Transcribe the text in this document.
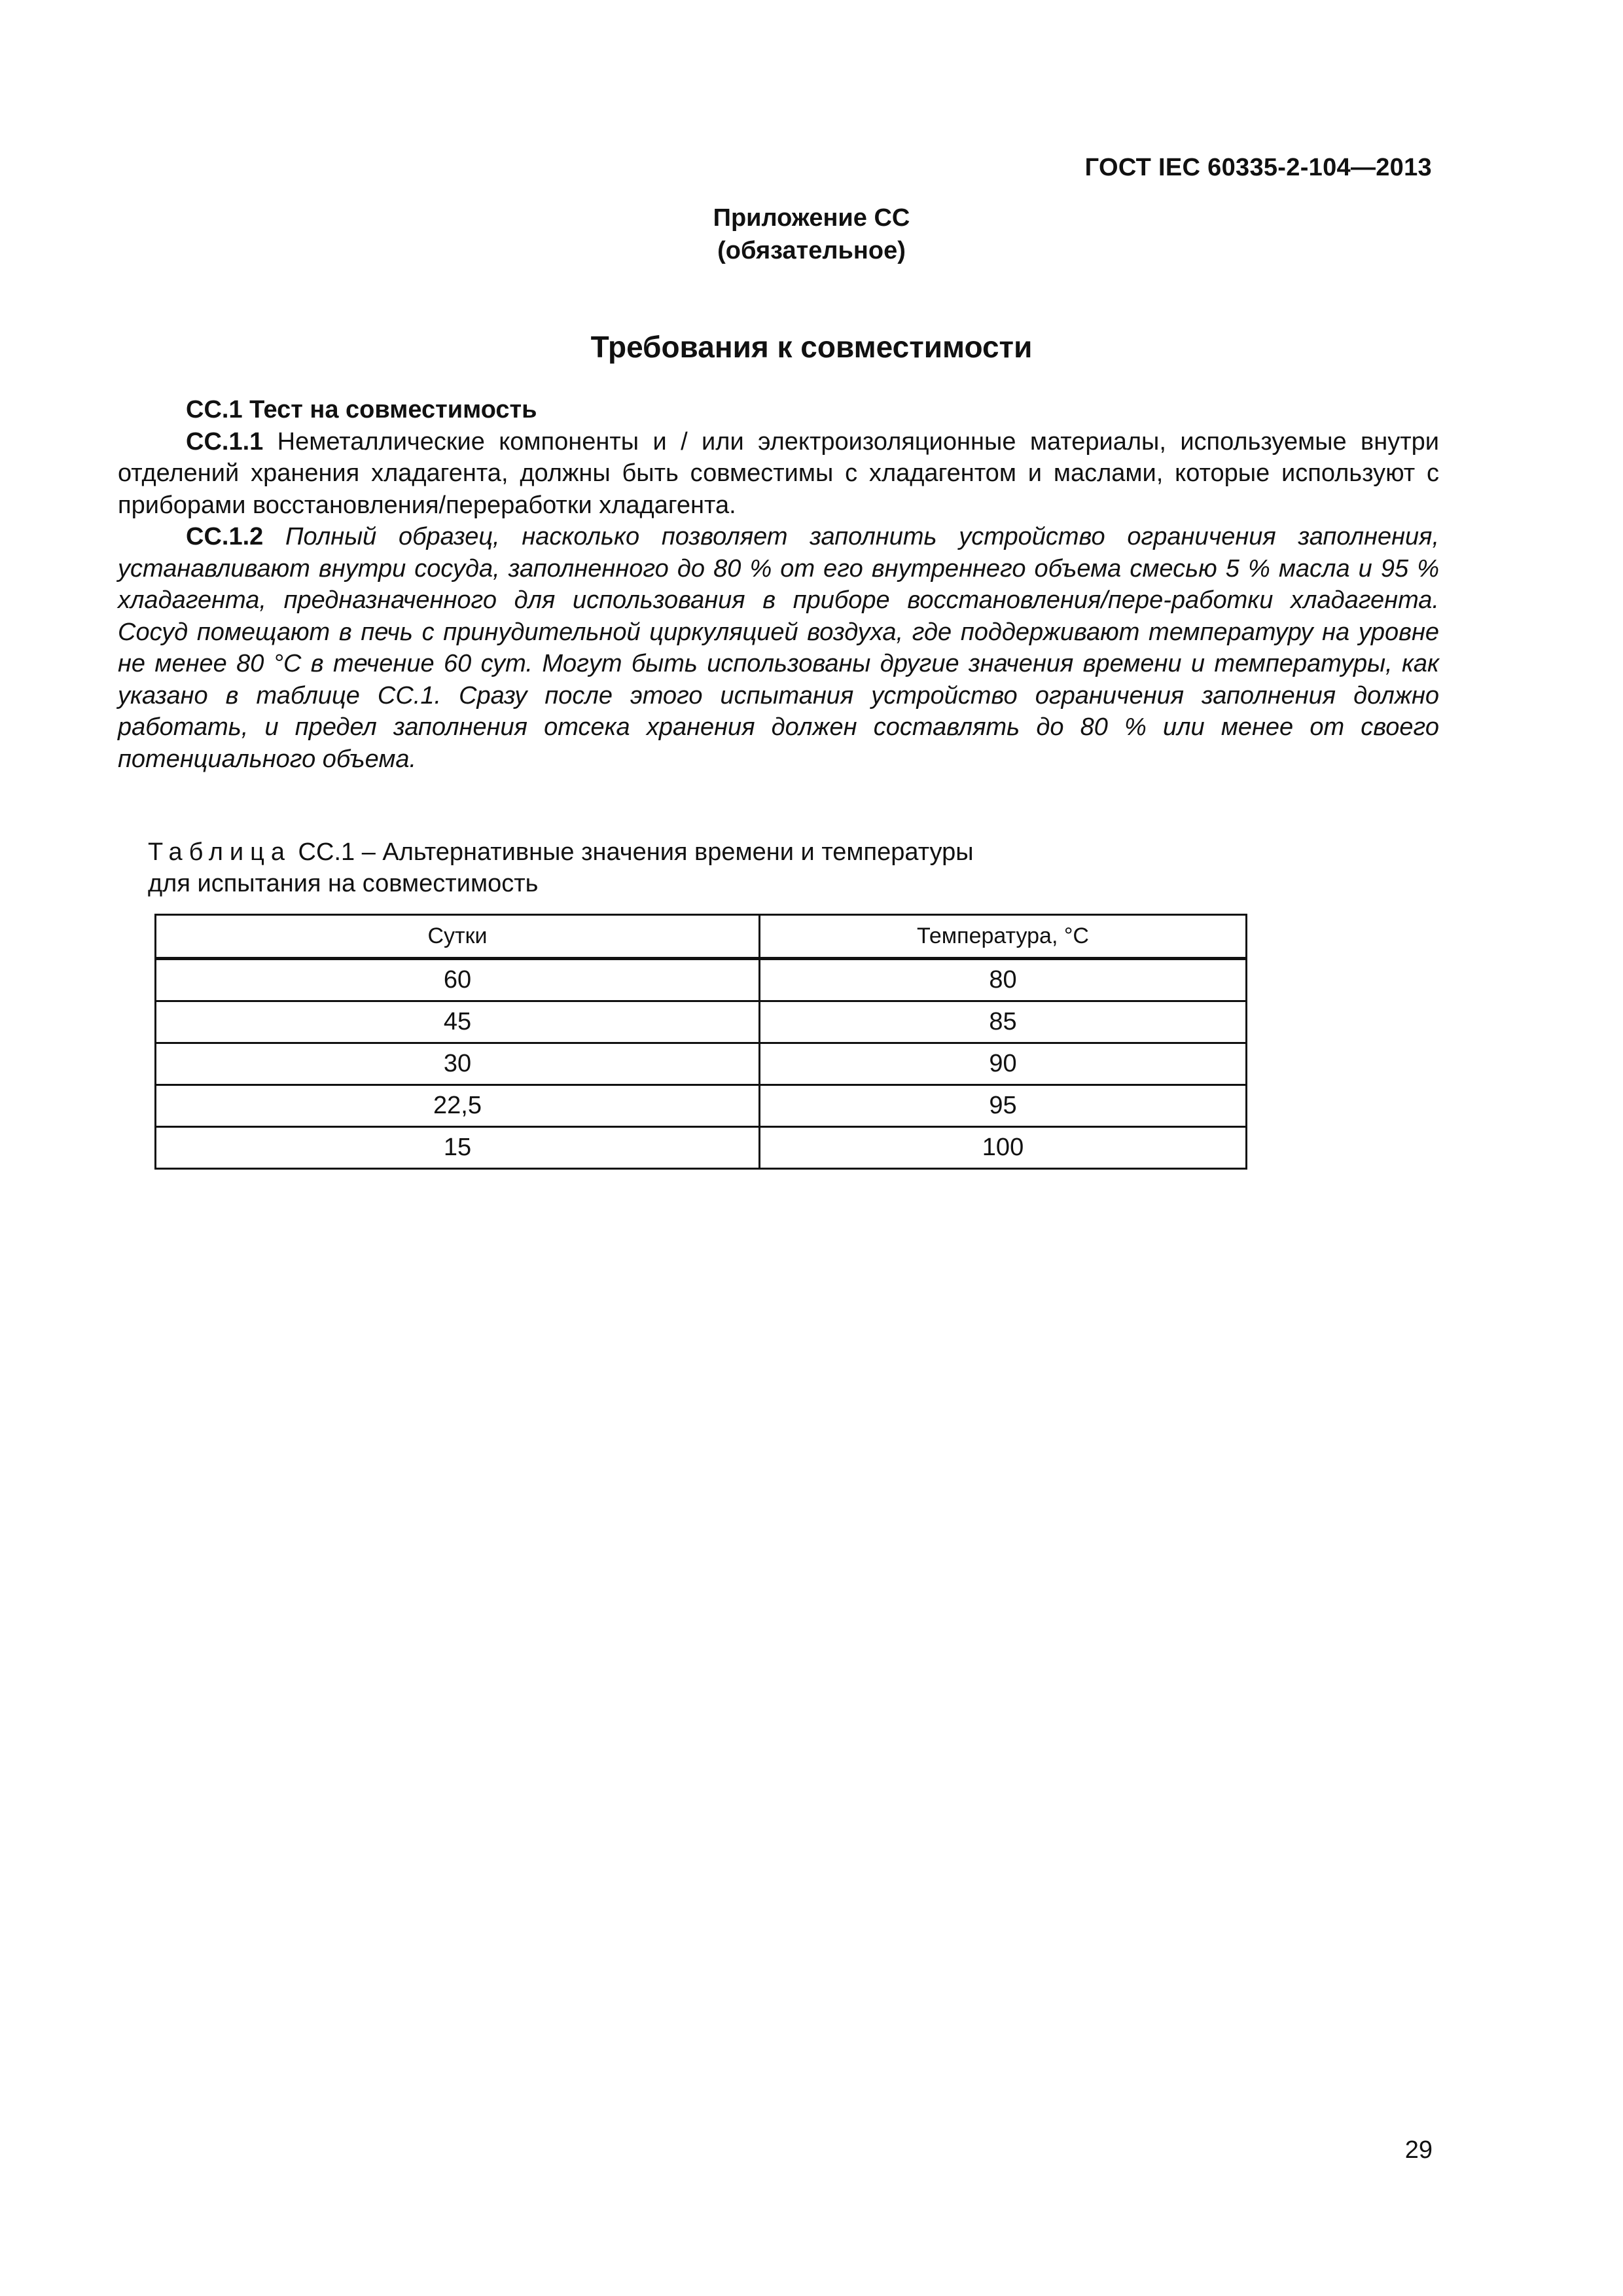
ГОСТ IEC 60335-2-104—2013
Приложение СС
(обязательное)
Требования к совместимости

СС.1 Тест на совместимость

СС.1.1 Неметаллические компоненты и / или электроизоляционные материалы, используемые внутри отделений хранения хладагента, должны быть совместимы с хладагентом и маслами, которые используют с приборами восстановления/переработки хладагента.

СС.1.2 Полный образец, насколько позволяет заполнить устройство ограничения заполнения, устанавливают внутри сосуда, заполненного до 80 % от его внутреннего объема смесью 5 % масла и 95 % хладагента, предназначенного для использования в приборе восстановления/пере-работки хладагента. Сосуд помещают в печь с принудительной циркуляцией воздуха, где поддерживают температуру на уровне не менее 80 °С в течение 60 сут. Могут быть использованы другие значения времени и температуры, как указано в таблице СС.1. Сразу после этого испытания устройство ограничения заполнения должно работать, и предел заполнения отсека хранения должен составлять до 80 % или менее от своего потенциального объема.

Таблица СС.1 – Альтернативные значения времени и температуры
для испытания на совместимость
Сутки	Температура, °С
60	80
45	85
30	90
22,5	95
15	100
29
